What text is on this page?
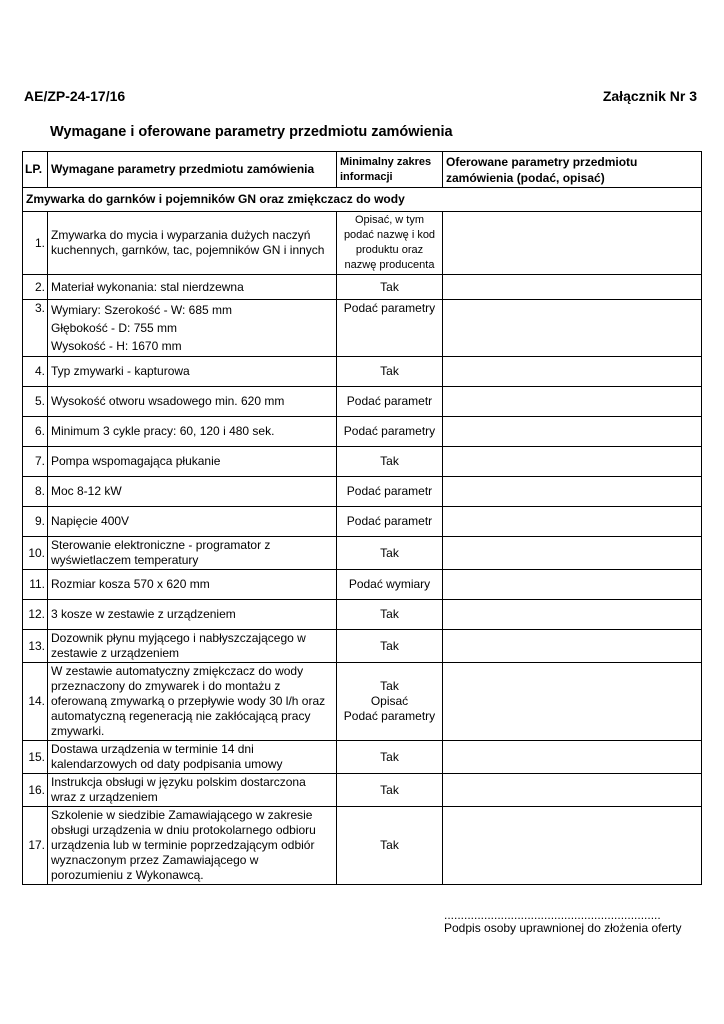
AE/ZP-24-17/16	Załącznik Nr 3
Wymagane i oferowane parametry przedmiotu zamówienia
LP.	Wymagane parametry przedmiotu zamówienia	Minimalny zakres informacji	Oferowane parametry przedmiotu zamówienia (podać, opisać)
Zmywarka do garnków i pojemników GN oraz zmiękczacz do wody			
1.	Zmywarka do mycia i wyparzania dużych naczyń kuchennych, garnków, tac, pojemników GN i innych	Opisać, w tym podać nazwę i kod produktu oraz nazwę producenta	

2.	Materiał wykonania: stal nierdzewna	Tak	

3.	Wymiary: Szerokość - W: 685 mm
Głębokość - D: 755 mm
Wysokość - H: 1670 mm	Podać parametry	

4.	Typ zmywarki - kapturowa	Tak	

5.	Wysokość otworu wsadowego min. 620 mm	Podać parametr	

6.	Minimum 3 cykle pracy: 60, 120 i 480 sek.	Podać parametry	

7.	Pompa wspomagająca płukanie	Tak	

8.	Moc 8-12 kW	Podać parametr	

9.	Napięcie 400V	Podać parametr	

10.	Sterowanie elektroniczne - programator z wyświetlaczem temperatury	Tak	

11.	Rozmiar kosza 570 x 620 mm	Podać wymiary	

12.	3 kosze w zestawie z urządzeniem	Tak	

13.	Dozownik płynu myjącego i nabłyszczającego w zestawie z urządzeniem	Tak	

14.	W zestawie automatyczny zmiękczacz do wody przeznaczony do zmywarek i do montażu z oferowaną zmywarką o przepływie wody 30 l/h oraz automatyczną regeneracją nie zakłócającą pracy zmywarki.	Tak
Opisać
Podać parametry	

15.	Dostawa urządzenia w terminie 14 dni kalendarzowych od daty podpisania umowy	Tak	

16.	Instrukcja obsługi w języku polskim dostarczona wraz z urządzeniem	Tak	

17.	Szkolenie w siedzibie Zamawiającego w zakresie obsługi urządzenia w dniu protokolarnego odbioru urządzenia lub w terminie poprzedzającym odbiór wyznaczonym przez Zamawiającego w porozumieniu z Wykonawcą.	Tak	

.................................................................
Podpis osoby uprawnionej do złożenia oferty
